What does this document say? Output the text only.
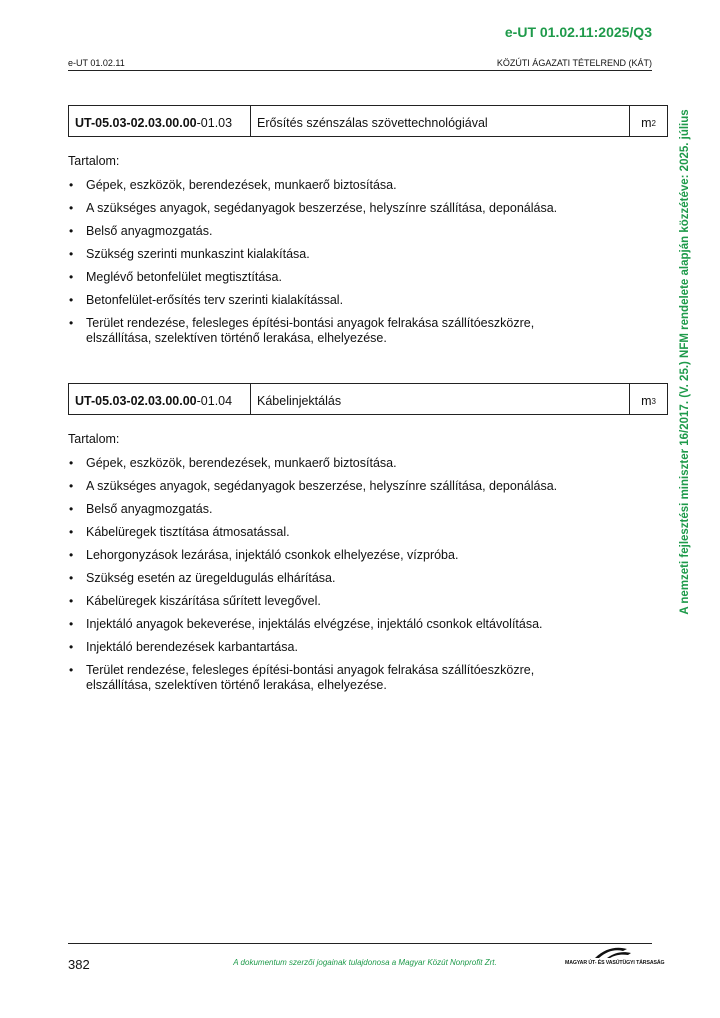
e-UT 01.02.11:2025/Q3
e-UT 01.02.11	KÖZÚTI ÁGAZATI TÉTELREND (KÁT)
UT-05.03-02.03.00.00 -01.03	Erősítés szénszálas szövettechnológiával	$m^2$
Tartalom:
• Gépek, eszközök, berendezések, munkaerő biztosítása.
• A szükséges anyagok, segédanyagok beszerzése, helyszínre szállítása, deponálása.
• Belső anyagmozgatás.
• Szükség szerinti munkaszint kialakítása.
• Meglévő betonfelület megtisztítása.
• Betonfelület-erősítés terv szerinti kialakítással.
• Terület rendezése, felesleges építési-bontási anyagok felrakása szállítóeszközre, elszállítása, szelektíven történő lerakása, elhelyezése.
UT-05.03-02.03.00.00 -01.04	Kábelinjektálás	$m^3$
Tartalom:
• Gépek, eszközök, berendezések, munkaerő biztosítása.
• A szükséges anyagok, segédanyagok beszerzése, helyszínre szállítása, deponálása.
• Belső anyagmozgatás.
• Kábelüregek tisztítása átmosatással.
• Lehorgonyzások lezárása, injektáló csonkok elhelyezése, vízpróba.
• Szükség esetén az üregeldugulás elhárítása.
• Kábelüregek kiszárítása sűrített levegővel.
• Injektáló anyagok bekeverése, injektálás elvégzése, injektáló csonkok eltávolítása.
• Injektáló berendezések karbantartása.
• Terület rendezése, felesleges építési-bontási anyagok felrakása szállítóeszközre, elszállítása, szelektíven történő lerakása, elhelyezése.
A nemzeti fejlesztési miniszter 16/2017. (V. 25.) NFM rendelete alapján közzétéve: 2025. július
382	A dokumentum szerzői jogainak tulajdonosa a Magyar Közút Nonprofit Zrt.	MAGYAR ÚT- ÉS VASÚTÜGYI TÁRSASÁG
